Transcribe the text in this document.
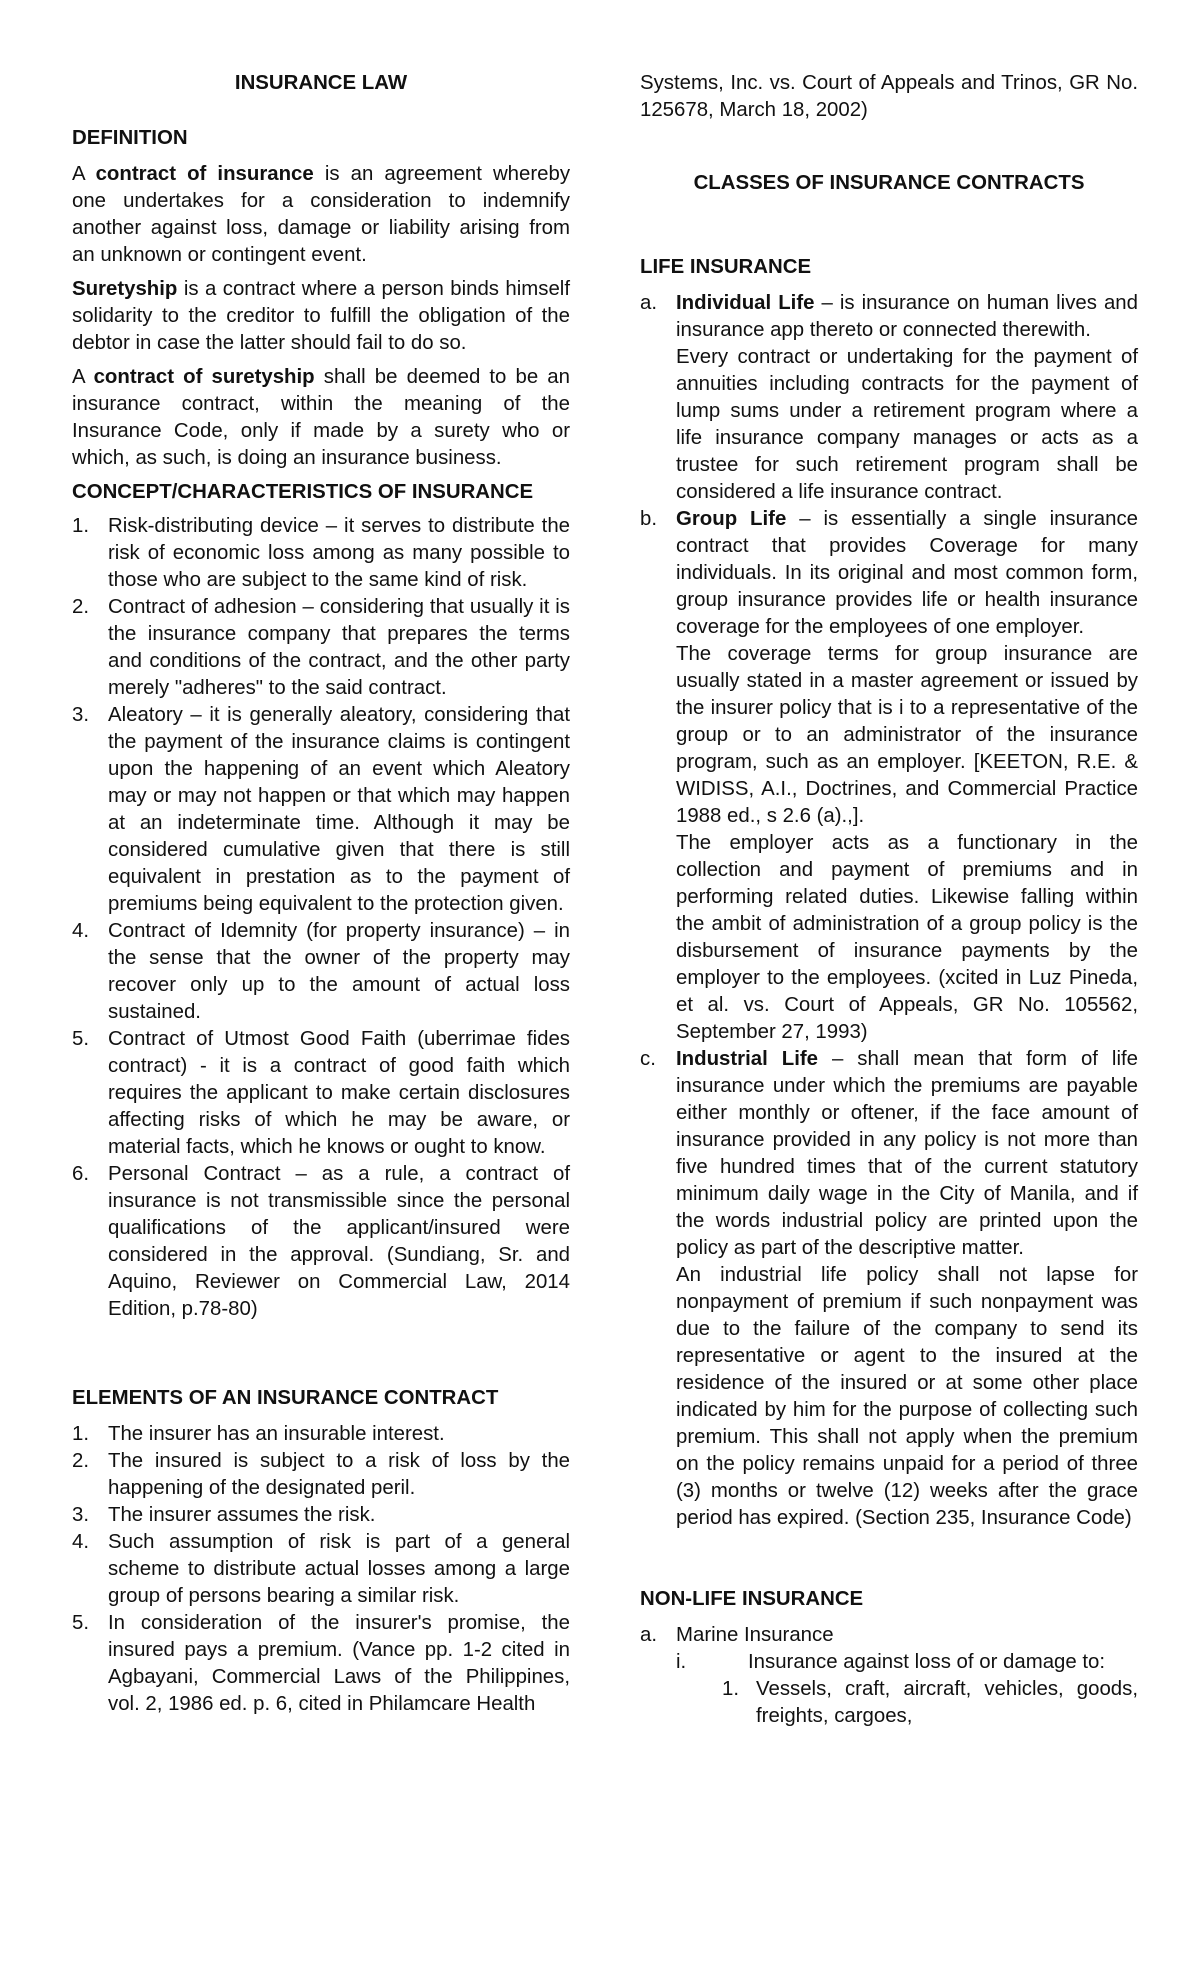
INSURANCE LAW

DEFINITION

A contract of insurance is an agreement whereby one undertakes for a consideration to indemnify another against loss, damage or liability arising from an unknown or contingent event.

Suretyship is a contract where a person binds himself solidarity to the creditor to fulfill the obligation of the debtor in case the latter should fail to do so.

A contract of suretyship shall be deemed to be an insurance contract, within the meaning of the Insurance Code, only if made by a surety who or which, as such, is doing an insurance business.

CONCEPT/CHARACTERISTICS OF INSURANCE

1. Risk-distributing device – it serves to distribute the risk of economic loss among as many possible to those who are subject to the same kind of risk.
2. Contract of adhesion – considering that usually it is the insurance company that prepares the terms and conditions of the contract, and the other party merely "adheres" to the said contract.
3. Aleatory – it is generally aleatory, considering that the payment of the insurance claims is contingent upon the happening of an event which Aleatory may or may not happen or that which may happen at an indeterminate time. Although it may be considered cumulative given that there is still equivalent in prestation as to the payment of premiums being equivalent to the protection given.
4. Contract of Idemnity (for property insurance) – in the sense that the owner of the property may recover only up to the amount of actual loss sustained.
5. Contract of Utmost Good Faith (uberrimae fides contract) - it is a contract of good faith which requires the applicant to make certain disclosures affecting risks of which he may be aware, or material facts, which he knows or ought to know.
6. Personal Contract – as a rule, a contract of insurance is not transmissible since the personal qualifications of the applicant/insured were considered in the approval. (Sundiang, Sr. and Aquino, Reviewer on Commercial Law, 2014 Edition, p.78-80)

ELEMENTS OF AN INSURANCE CONTRACT

1. The insurer has an insurable interest.
2. The insured is subject to a risk of loss by the happening of the designated peril.
3. The insurer assumes the risk.
4. Such assumption of risk is part of a general scheme to distribute actual losses among a large group of persons bearing a similar risk.
5. In consideration of the insurer's promise, the insured pays a premium. (Vance pp. 1-2 cited in Agbayani, Commercial Laws of the Philippines, vol. 2, 1986 ed. p. 6, cited in Philamcare Health

Systems, Inc. vs. Court of Appeals and Trinos, GR No. 125678, March 18, 2002)

CLASSES OF INSURANCE CONTRACTS

LIFE INSURANCE

a. Individual Life – is insurance on human lives and insurance app thereto or connected therewith.

Every contract or undertaking for the payment of annuities including contracts for the payment of lump sums under a retirement program where a life insurance company manages or acts as a trustee for such retirement program shall be considered a life insurance contract.

b. Group Life – is essentially a single insurance contract that provides Coverage for many individuals. In its original and most common form, group insurance provides life or health insurance coverage for the employees of one employer.

The coverage terms for group insurance are usually stated in a master agreement or issued by the insurer policy that is i to a representative of the group or to an administrator of the insurance program, such as an employer. [KEETON, R.E. & WIDISS, A.I., Doctrines, and Commercial Practice 1988 ed., s 2.6 (a).,].

The employer acts as a functionary in the collection and payment of premiums and in performing related duties. Likewise falling within the ambit of administration of a group policy is the disbursement of insurance payments by the employer to the employees. (xcited in Luz Pineda, et al. vs. Court of Appeals, GR No. 105562, September 27, 1993)

c. Industrial Life – shall mean that form of life insurance under which the premiums are payable either monthly or oftener, if the face amount of insurance provided in any policy is not more than five hundred times that of the current statutory minimum daily wage in the City of Manila, and if the words industrial policy are printed upon the policy as part of the descriptive matter.

An industrial life policy shall not lapse for nonpayment of premium if such nonpayment was due to the failure of the company to send its representative or agent to the insured at the residence of the insured or at some other place indicated by him for the purpose of collecting such premium. This shall not apply when the premium on the policy remains unpaid for a period of three (3) months or twelve (12) weeks after the grace period has expired. (Section 235, Insurance Code)

NON-LIFE INSURANCE

a. Marine Insurance
i.	Insurance against loss of or damage to:
1. Vessels, craft, aircraft, vehicles, goods, freights, cargoes,
